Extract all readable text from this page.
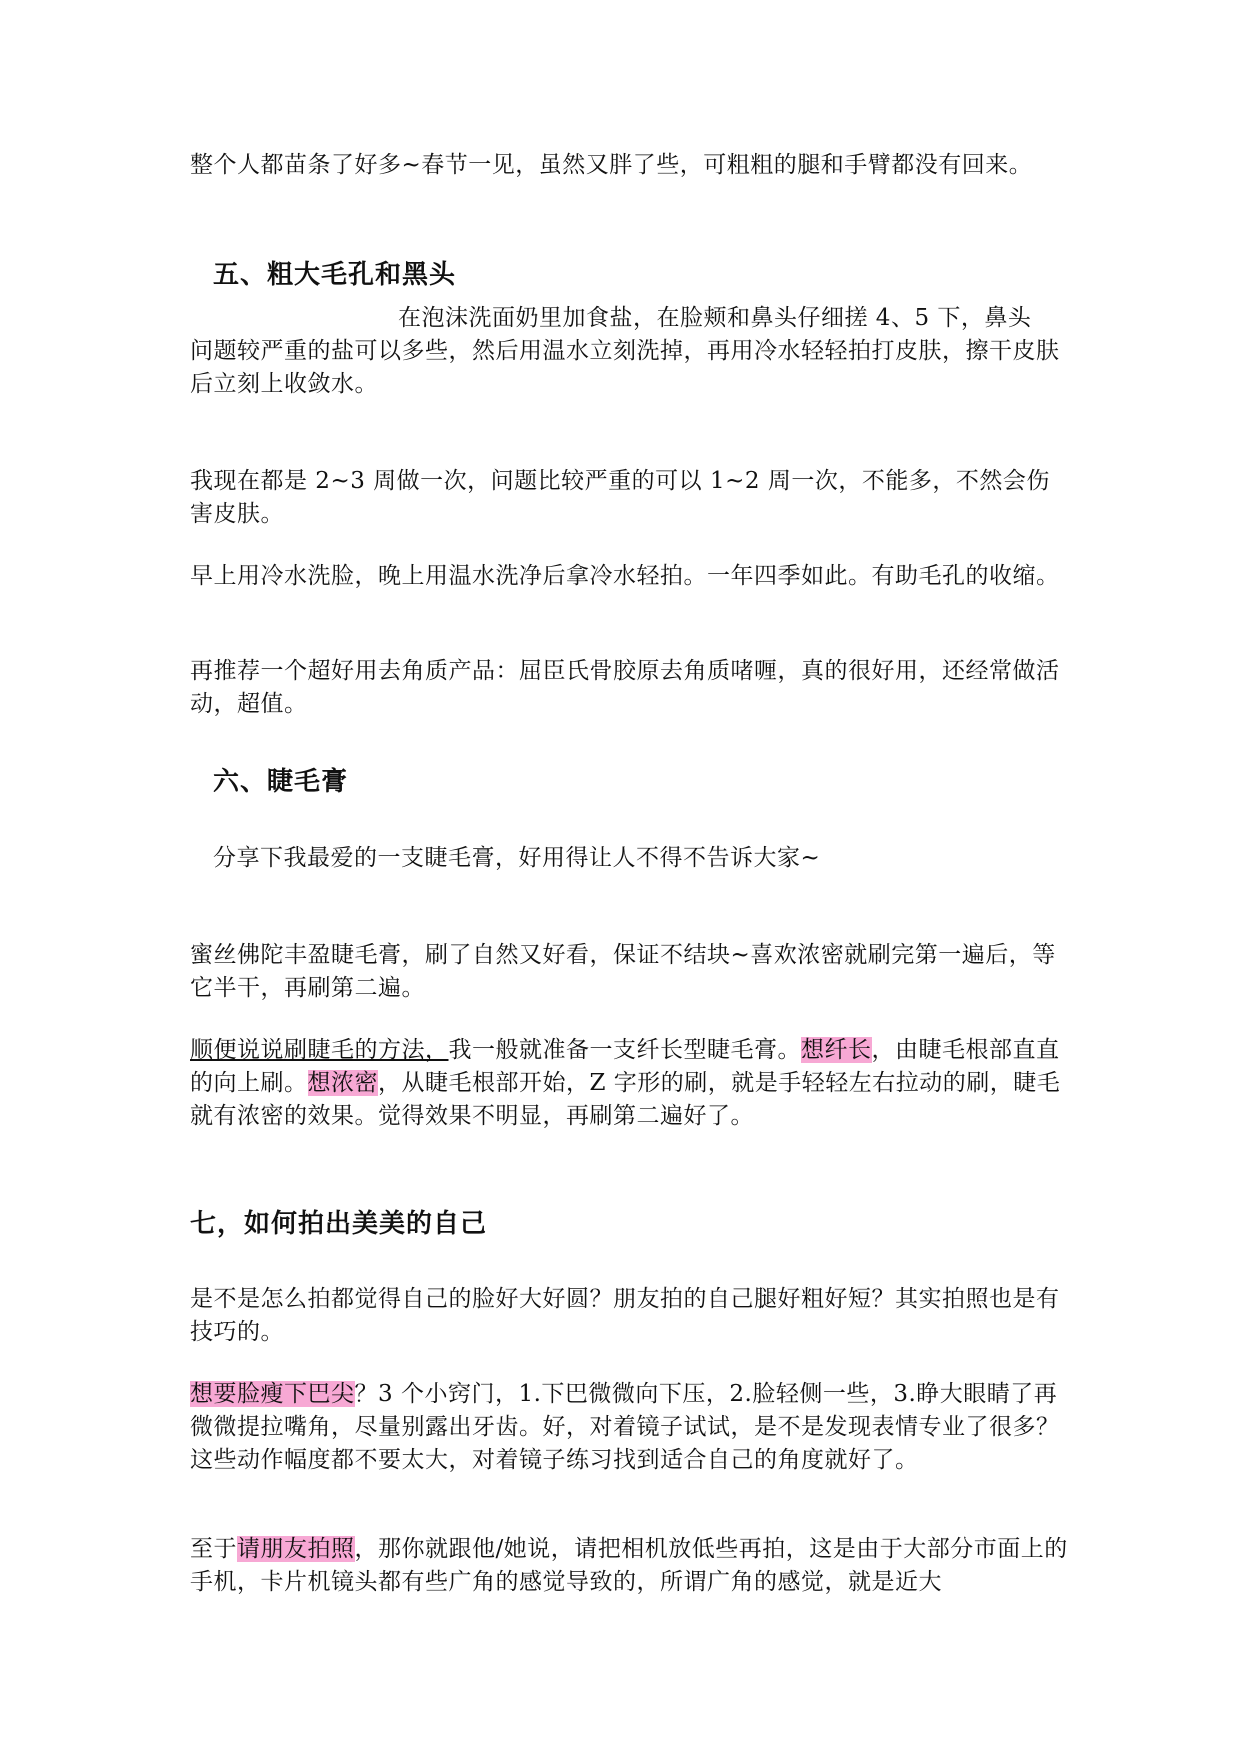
整个人都苗条了好多~春节一见，虽然又胖了些，可粗粗的腿和手臂都没有回来。

五、粗大毛孔和黑头

在泡沫洗面奶里加食盐，在脸颊和鼻头仔细搓 4、5 下，鼻头
问题较严重的盐可以多些，然后用温水立刻洗掉，再用冷水轻轻拍打皮肤，擦干皮肤后立刻上收敛水。

我现在都是 2~3 周做一次，问题比较严重的可以 1~2 周一次，不能多，不然会伤害皮肤。

早上用冷水洗脸，晚上用温水洗净后拿冷水轻拍。一年四季如此。有助毛孔的收缩。

再推荐一个超好用去角质产品：屈臣氏骨胶原去角质啫喱，真的很好用，还经常做活动，超值。

六、睫毛膏

分享下我最爱的一支睫毛膏，好用得让人不得不告诉大家~

蜜丝佛陀丰盈睫毛膏，刷了自然又好看，保证不结块~喜欢浓密就刷完第一遍后，等它半干，再刷第二遍。

顺便说说刷睫毛的方法，我一般就准备一支纤长型睫毛膏。想纤长，由睫毛根部直直的向上刷。想浓密，从睫毛根部开始，Z 字形的刷，就是手轻轻左右拉动的刷，睫毛就有浓密的效果。觉得效果不明显，再刷第二遍好了。

七，如何拍出美美的自己

是不是怎么拍都觉得自己的脸好大好圆？朋友拍的自己腿好粗好短？其实拍照也是有技巧的。

想要脸瘦下巴尖？3 个小窍门，1.下巴微微向下压，2.脸轻侧一些，3.睁大眼睛了再微微提拉嘴角，尽量别露出牙齿。好，对着镜子试试，是不是发现表情专业了很多？这些动作幅度都不要太大，对着镜子练习找到适合自己的角度就好了。

至于请朋友拍照，那你就跟他/她说，请把相机放低些再拍，这是由于大部分市面上的手机，卡片机镜头都有些广角的感觉导致的，所谓广角的感觉，就是近大
